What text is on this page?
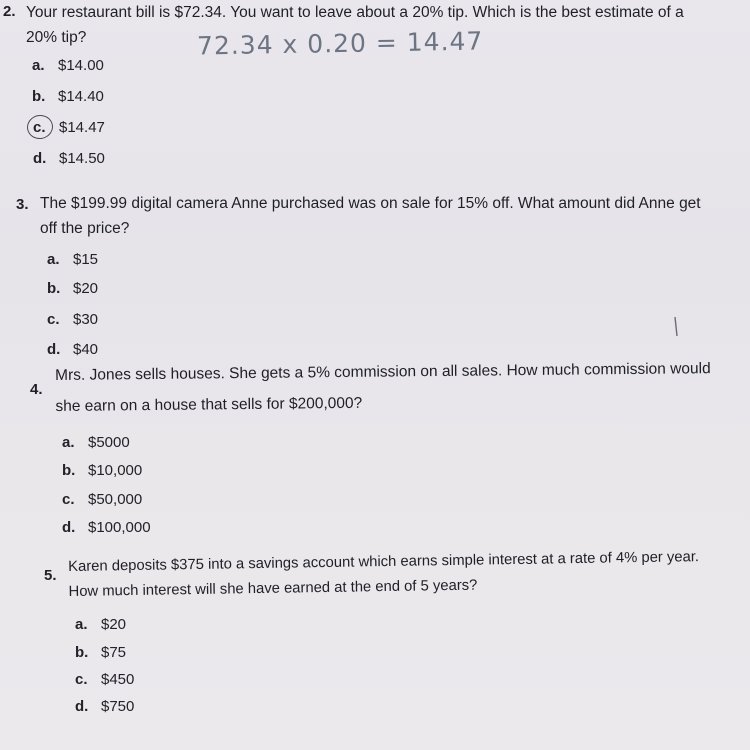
2. Your restaurant bill is $72.34. You want to leave about a 20% tip. Which is the best estimate of a
20% tip?	72.34 x 0.20 = 14.47
a. $14.00
b. $14.40
c. $14.47
d. $14.50
3. The $199.99 digital camera Anne purchased was on sale for 15% off. What amount did Anne get
off the price?
a. $15
b. $20
c. $30
d. $40
4.
Mrs. Jones sells houses. She gets a 5% commission on all sales. How much commission would
she earn on a house that sells for $200,000?
a. $5000
b. $10,000
c. $50,000
d. $100,000
5.
Karen deposits $375 into a savings account which earns simple interest at a rate of 4% per year.
How much interest will she have earned at the end of 5 years?
a. $20
b. $75
c. $450
d. $750
